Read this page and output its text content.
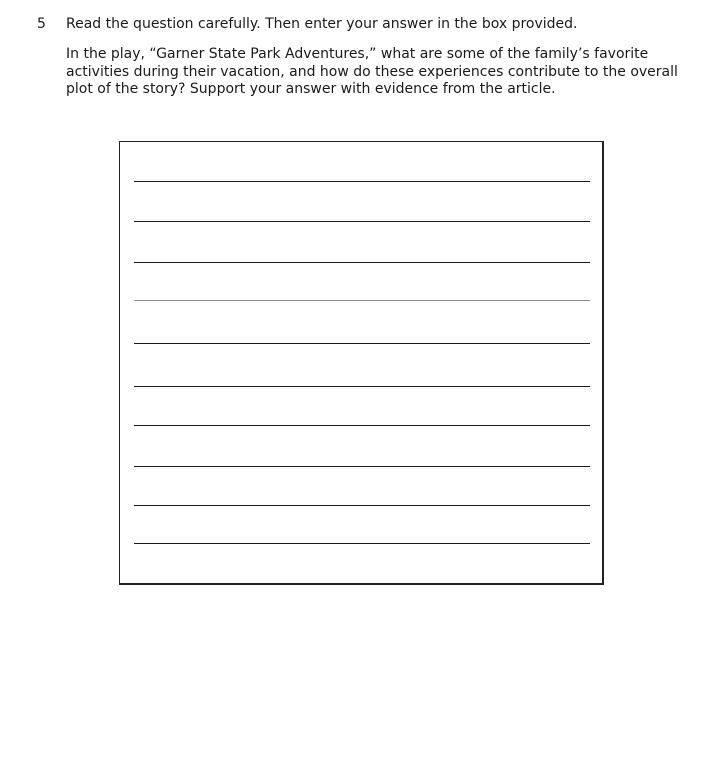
5 Read the question carefully. Then enter your answer in the box provided.
In the play, “Garner State Park Adventures,” what are some of the family’s favorite activities during their vacation, and how do these experiences contribute to the overall plot of the story? Support your answer with evidence from the article.
